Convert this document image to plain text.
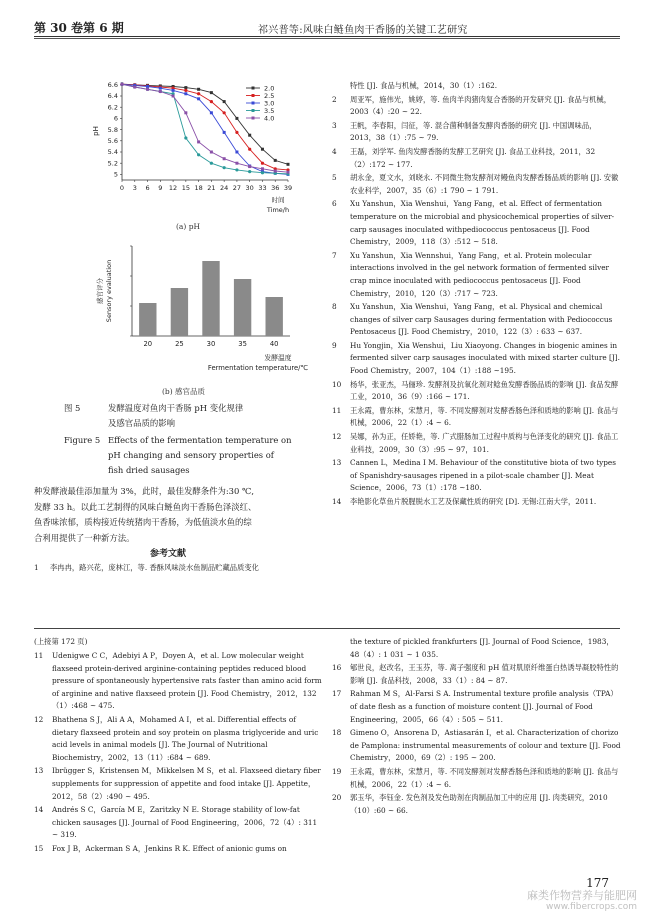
第 30 卷第 6 期	祁兴普等:风味白鲢鱼肉干香肠的关键工艺研究
0 3 6 9 12 15 18 21 24 27 30 33 36 39
5
5.2
5.4
5.6
5.8
6
6.2
6.4
6.6
pH
时间
Time/h
2.0
2.5
3.0
3.5
4.0
(a) pH
20	25	30	35	40
感官评分 Sensory evaluation
发酵温度
Fermentation temperature/℃
(b) 感官品质
图 5	发酵温度对鱼肉干香肠 pH 变化规律
及感官品质的影响
Figure 5 Effects of the fermentation temperature on
pH changing and sensory properties of
fish dried sausages
种发酵液最佳添加量为 3%，此时，最佳发酵条件为:30 ℃,
发酵 33 h。以此工艺制得的风味白鲢鱼肉干香肠色泽淡红、
鱼香味浓郁，质构接近传统猪肉干香肠，为低值淡水鱼的综
合利用提供了一种新方法。
参考文献
1 李冉冉，路兴花，庞林江，等. 香酥风味淡水鱼制品贮藏品质变化
特性 [J]. 食品与机械，2014，30（1）:162.
2	周亚军，施伟光，姚婷，等. 鱼肉羊肉猪肉复合香肠的开发研究 [J]. 食品与机械，2003（4）:20 ~ 22.
3	王帆，李春阳，闫征，等. 混合菌种制备发酵肉香肠的研究 [J]. 中国调味品，2013，38（1）:75 ~ 79.
4	王磊，刘学军. 鱼肉发酵香肠的发酵工艺研究 [J]. 食品工业科技，2011，32（2）:172 ~ 177.
5	胡永金，夏文水，刘晓永. 不同微生物发酵剂对鳗鱼肉发酵香肠品质的影响 [J]. 安徽农业科学，2007，35（6）:1 790 ~ 1 791.
6	Xu Yanshun，Xia Wenshui，Yang Fang，et al. Effect of fermentation temperature on the microbial and physicochemical properties of silver-carp sausages inoculated withpediococcus pentosaceus [J]. Food Chemistry，2009，118（3）:512 ~ 518.
7	Xu Yanshun，Xia Wennshui，Yang Fang，et al. Protein molecular interactions involved in the gel network formation of fermented silver crap mince inoculated with pediococcus pentosaceus [J]. Food Chemistry，2010，120（3）:717 ~ 723.
8	Xu Yanshun，Xia Wenshui，Yang Fang，et al. Physical and chemical changes of silver carp Sausages during fermentation with Pediococcus Pentosaceus [J]. Food Chemistry，2010，122（3）: 633 ~ 637.
9	Hu Yongjin，Xia Wenshui，Liu Xiaoyong. Changes in biogenic amines in fermented silver carp sausages inoculated with mixed starter culture [J]. Food Chemistry，2007，104（1）:188 ~195.
10	杨华，张亚杰，马俪珍. 发酵剂及抗氧化剂对鲶鱼发酵香肠品质的影响 [J]. 食品发酵工业，2010，36（9）:166 ~ 171.
11	王永霞，曹东林，宋慧月，等. 不同发酵剂对发酵香肠色泽和质地的影响 [J]. 食品与机械，2006，22（1）:4 ~ 6.
12	吴娜，孙为正，任娇艳，等. 广式腊肠加工过程中质构与色泽变化的研究 [J]. 食品工业科技，2009，30（3）:95 ~ 97，101.
13	Cannen L，Medina I M. Behaviour of the constitutive biota of two types of Spanishdry-sausages ripened in a pilot-scale chamber [J]. Meat Science，2006，73（1）:178 ~180.
14	李艳影化草鱼片脱腥脱水工艺及保藏性质的研究 [D]. 无锡:江南大学，2011.
(上接第 172 页)
11	Udenigwe C C，Adebiyi A P，Doyen A，et al. Low molecular weight flaxseed protein-derived arginine-containing peptides reduced blood pressure of spontaneously hypertensive rats faster than amino acid form of arginine and native flaxseed protein [J]. Food Chemistry，2012，132（1）:468 ~ 475.
12	Bhathena S J，Ali A A，Mohamed A I，et al. Differential effects of dietary flaxseed protein and soy protein on plasma triglyceride and uric acid levels in animal models [J]. The Journal of Nutritional Biochemistry，2002，13（11）:684 ~ 689.
13	Ibrügger S，Kristensen M，Mikkelsen M S，et al. Flaxseed dietary fiber supplements for suppression of appetite and food intake [J]. Appetite，2012，58（2）:490 ~ 495.
14	Andrés S C，García M E，Zaritzky N E. Storage stability of low-fat chicken sausages [J]. Journal of Food Engineering，2006，72（4）: 311 ~ 319.
15	Fox J B，Ackerman S A，Jenkins R K. Effect of anionic gums on
the texture of pickled frankfurters [J]. Journal of Food Science，1983，48（4）: 1 031 ~ 1 035.
16	郇世良，赵改名，王玉芬，等. 离子强度和 pH 值对肌原纤维蛋白热诱导凝胶特性的影响 [J]. 食品科技，2008，33（1）: 84 ~ 87.
17	Rahman M S，Al-Farsi S A. Instrumental texture profile analysis（TPA）of date flesh as a function of moisture content [J]. Journal of Food Engineering，2005，66（4）: 505 ~ 511.
18	Gimeno O，Ansorena D，Astiasarán I，et al. Characterization of chorizo de Pamplona: instrumental measurements of colour and texture [J]. Food Chemistry，2000，69（2）: 195 ~ 200.
19	王永霞，曹东林，宋慧月，等. 不同发酵剂对发酵香肠色泽和质地的影响 [J]. 食品与机械，2006，22（1）:4 ~ 6.
20	郭玉华，李钰金. 发色剂及发色助剂在肉制品加工中的应用 [J]. 肉类研究，2010（10）:60 ~ 66.
177
麻类作物营养与能肥网
www.fibercrops.com
